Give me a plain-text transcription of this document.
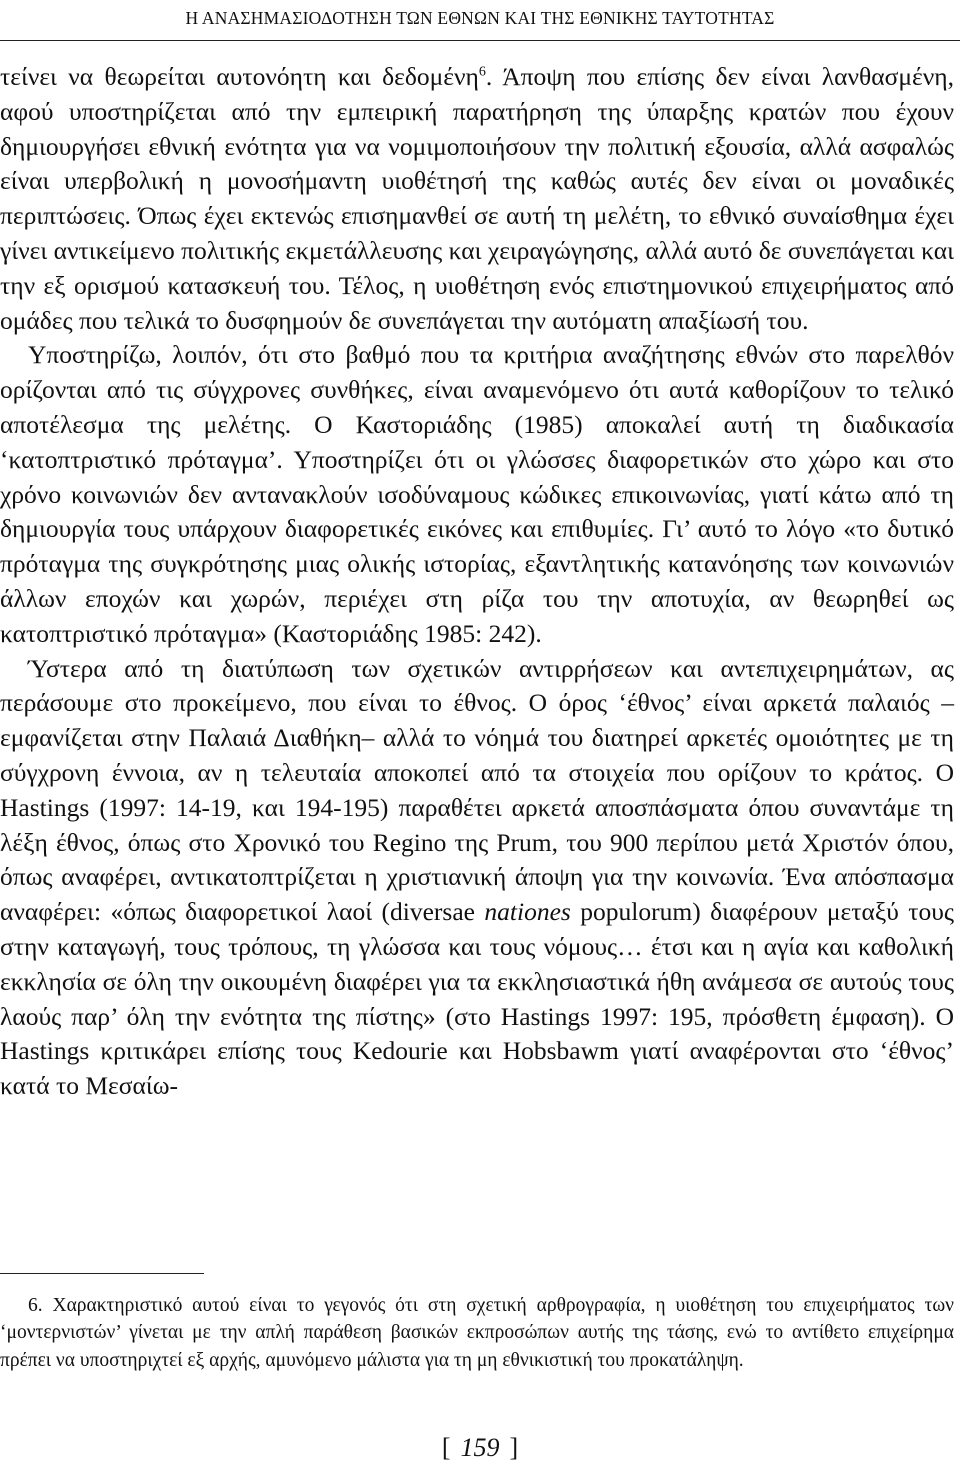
Η ΑΝΑΣΗΜΑΣΙΟΔΟΤΗΣΗ ΤΩΝ ΕΘΝΩΝ ΚΑΙ ΤΗΣ ΕΘΝΙΚΗΣ ΤΑΥΤΟΤΗΤΑΣ

τείνει να θεωρείται αυτονόητη και δεδομένη$^6$. Άποψη που επίσης δεν είναι λανθασμένη, αφού υποστηρίζεται από την εμπειρική παρατήρηση της ύπαρξης κρατών που έχουν δημιουργήσει εθνική ενότητα για να νομιμοποιήσουν την πολιτική εξουσία, αλλά ασφαλώς είναι υπερβολική η μονοσήμαντη υιοθέτησή της καθώς αυτές δεν είναι οι μοναδικές περιπτώσεις. Όπως έχει εκτενώς επισημανθεί σε αυτή τη μελέτη, το εθνικό συναίσθημα έχει γίνει αντικείμενο πολιτικής εκμετάλλευσης και χειραγώγησης, αλλά αυτό δε συνεπάγεται και την εξ ορισμού κατασκευή του. Τέλος, η υιοθέτηση ενός επιστημονικού επιχειρήματος από ομάδες που τελικά το δυσφημούν δε συνεπάγεται την αυτόματη απαξίωσή του.

Υποστηρίζω, λοιπόν, ότι στο βαθμό που τα κριτήρια αναζήτησης εθνών στο παρελθόν ορίζονται από τις σύγχρονες συνθήκες, είναι αναμενόμενο ότι αυτά καθορίζουν το τελικό αποτέλεσμα της μελέτης. Ο Καστοριάδης (1985) αποκαλεί αυτή τη διαδικασία ‘κατοπτριστικό πρόταγμα’. Υποστηρίζει ότι οι γλώσσες διαφορετικών στο χώρο και στο χρόνο κοινωνιών δεν αντανακλούν ισοδύναμους κώδικες επικοινωνίας, γιατί κάτω από τη δημιουργία τους υπάρχουν διαφορετικές εικόνες και επιθυμίες. Γι’ αυτό το λόγο «το δυτικό πρόταγμα της συγκρότησης μιας ολικής ιστορίας, εξαντλητικής κατανόησης των κοινωνιών άλλων εποχών και χωρών, περιέχει στη ρίζα του την αποτυχία, αν θεωρηθεί ως κατοπτριστικό πρόταγμα» (Καστοριάδης 1985: 242).

Ύστερα από τη διατύπωση των σχετικών αντιρρήσεων και αντεπιχειρημάτων, ας περάσουμε στο προκείμενο, που είναι το έθνος. Ο όρος ‘έθνος’ είναι αρκετά παλαιός –εμφανίζεται στην Παλαιά Διαθήκη– αλλά το νόημά του διατηρεί αρκετές ομοιότητες με τη σύγχρονη έννοια, αν η τελευταία αποκοπεί από τα στοιχεία που ορίζουν το κράτος. Ο Hastings (1997: 14-19, και 194-195) παραθέτει αρκετά αποσπάσματα όπου συναντάμε τη λέξη έθνος, όπως στο Χρονικό του Regino της Prum, του 900 περίπου μετά Χριστόν όπου, όπως αναφέρει, αντικατοπτρίζεται η χριστιανική άποψη για την κοινωνία. Ένα απόσπασμα αναφέρει: «όπως διαφορετικοί λαοί (diversae nationes populorum) διαφέρουν μεταξύ τους στην καταγωγή, τους τρόπους, τη γλώσσα και τους νόμους… έτσι και η αγία και καθολική εκκλησία σε όλη την οικουμένη διαφέρει για τα εκκλησιαστικά ήθη ανάμεσα σε αυτούς τους λαούς παρ’ όλη την ενότητα της πίστης» (στο Hastings 1997: 195, πρόσθετη έμφαση). Ο Hastings κριτικάρει επίσης τους Kedourie και Hobsbawm γιατί αναφέρονται στο ‘έθνος’ κατά το Μεσαίω-

6. Χαρακτηριστικό αυτού είναι το γεγονός ότι στη σχετική αρθρογραφία, η υιοθέτηση του επιχειρήματος των ‘μοντερνιστών’ γίνεται με την απλή παράθεση βασικών εκπροσώπων αυτής της τάσης, ενώ το αντίθετο επιχείρημα πρέπει να υποστηριχτεί εξ αρχής, αμυνόμενο μάλιστα για τη μη εθνικιστική του προκατάληψη.

[ 159 ]
